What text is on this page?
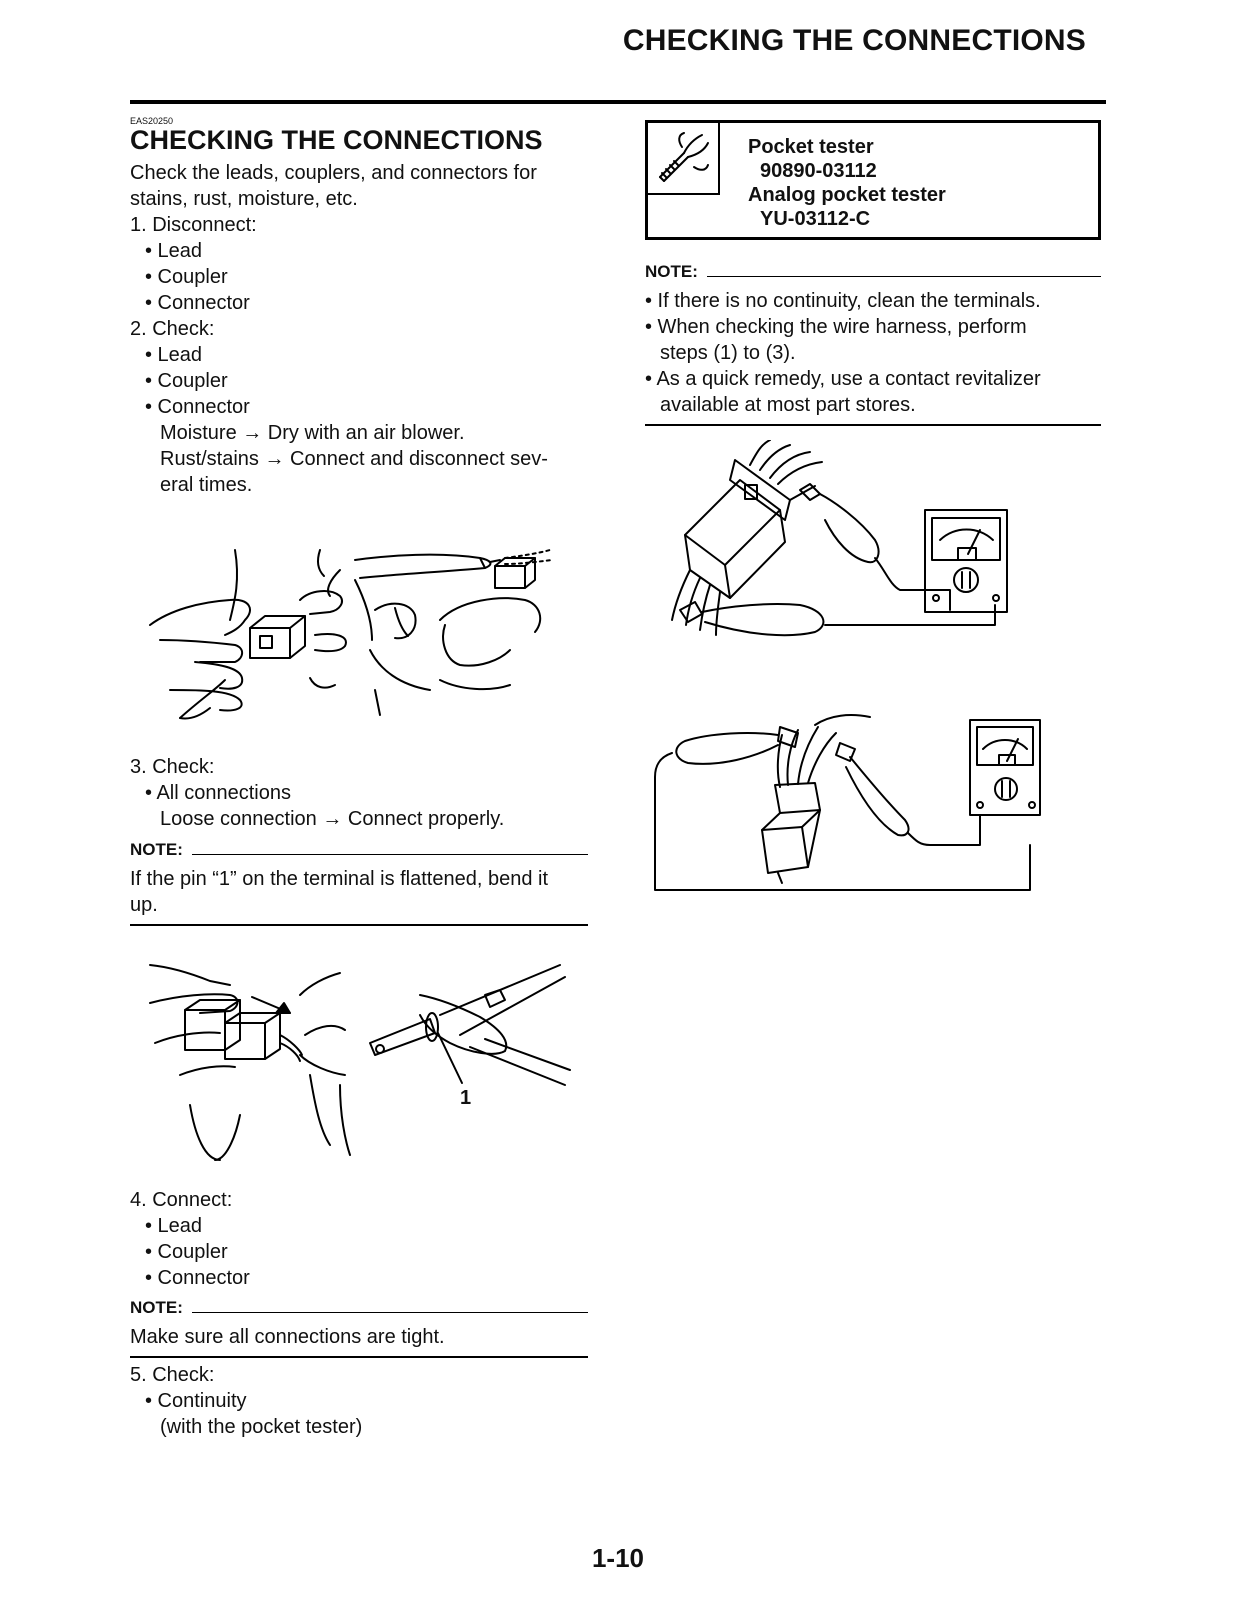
CHECKING THE CONNECTIONS
EAS20250
CHECKING THE CONNECTIONS
Check the leads, couplers, and connectors for
stains, rust, moisture, etc.
1. Disconnect:
• Lead
• Coupler
• Connector
2. Check:
• Lead
• Coupler
• Connector
Moisture → Dry with an air blower.
Rust/stains → Connect and disconnect sev-
eral times.
3. Check:
• All connections
Loose connection → Connect properly.
NOTE:
If the pin “1” on the terminal is flattened, bend it
up.
1
4. Connect:
• Lead
• Coupler
• Connector
NOTE:
Make sure all connections are tight.
5. Check:
• Continuity
(with the pocket tester)
Pocket tester
90890-03112
Analog pocket tester
YU-03112-C
NOTE:
• If there is no continuity, clean the terminals.
• When checking the wire harness, perform
steps (1) to (3).
• As a quick remedy, use a contact revitalizer
available at most part stores.
1-10
